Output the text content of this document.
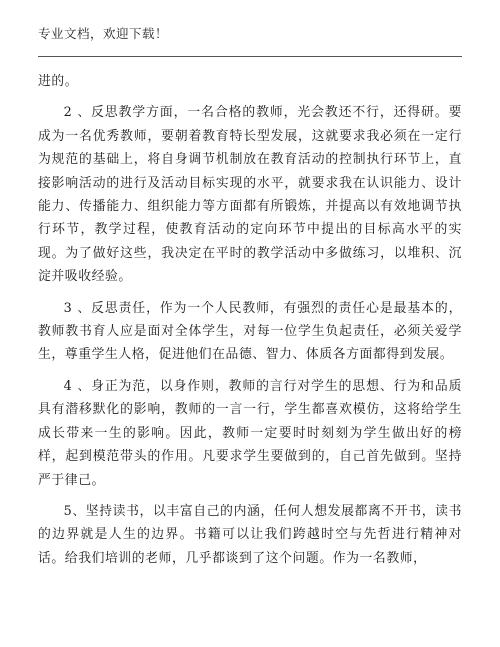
专业文档，欢迎下载！

进的。

2 、反思教学方面，一名合格的教师，光会教还不行，还得研。要成为一名优秀教师，要朝着教育特长型发展，这就要求我必须在一定行为规范的基础上，将自身调节机制放在教育活动的控制执行环节上，直接影响活动的进行及活动目标实现的水平，就要求我在认识能力、设计能力、传播能力、组织能力等方面都有所锻炼，并提高以有效地调节执行环节，教学过程，使教育活动的定向环节中提出的目标高水平的实现。为了做好这些，我决定在平时的教学活动中多做练习，以堆积、沉淀并吸收经验。

3 、反思责任，作为一个人民教师，有强烈的责任心是最基本的，教师教书育人应是面对全体学生，对每一位学生负起责任，必须关爱学生，尊重学生人格，促进他们在品德、智力、体质各方面都得到发展。

4 、身正为范，以身作则，教师的言行对学生的思想、行为和品质具有潜移默化的影响，教师的一言一行，学生都喜欢模仿，这将给学生成长带来一生的影响。因此，教师一定要时时刻刻为学生做出好的榜样，起到模范带头的作用。凡要求学生要做到的，自己首先做到。坚持严于律己。

5、坚持读书，以丰富自己的内涵，任何人想发展都离不开书，读书的边界就是人生的边界。书籍可以让我们跨越时空与先哲进行精神对话。给我们培训的老师，几乎都谈到了这个问题。作为一名教师，
